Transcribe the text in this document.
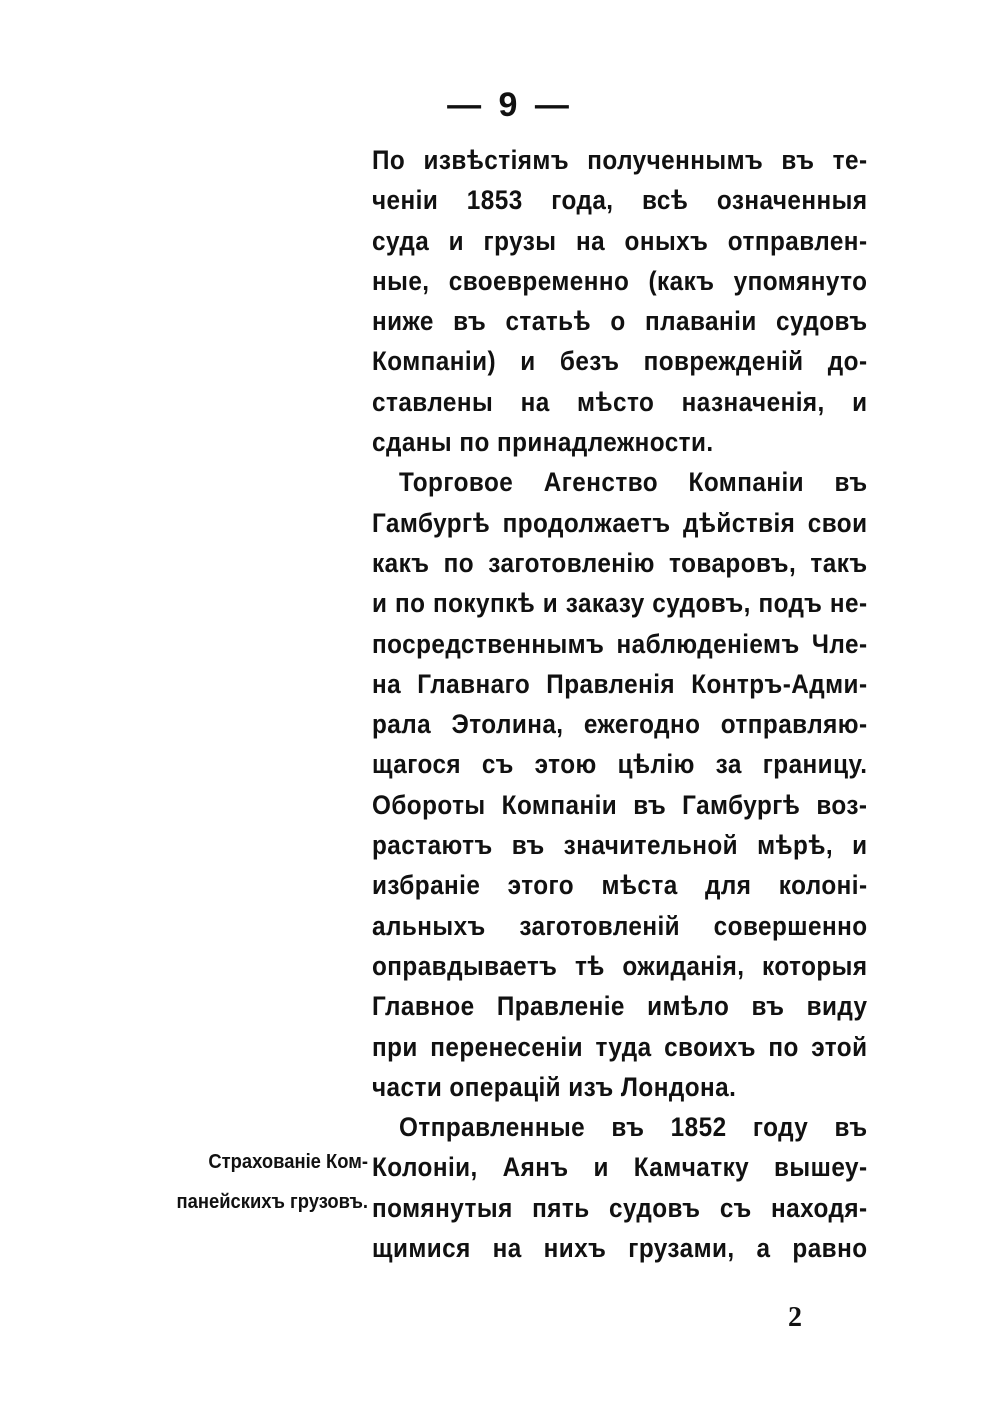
— 9 —
По извѣстіямъ полученнымъ въ те-
ченіи 1853 года, всѣ означенныя
суда и грузы на оныхъ отправлен-
ные, своевременно (какъ упомянуто
ниже въ статьѣ о плаваніи судовъ
Компаніи) и безъ поврежденій до-
ставлены на мѣсто назначенія, и
сданы по принадлежности.
Торговое Агенство Компаніи въ
Гамбургѣ продолжаетъ дѣйствія свои
какъ по заготовленію товаровъ, такъ
и по покупкѣ и заказу судовъ, подъ не-
посредственнымъ наблюденіемъ Чле-
на Главнаго Правленія Контръ-Адми-
рала Этолина, ежегодно отправляю-
щагося съ этою цѣлію за границу.
Обороты Компаніи въ Гамбургѣ воз-
растаютъ въ значительной мѣрѣ, и
избраніе этого мѣста для колоні-
альныхъ заготовленій совершенно
оправдываетъ тѣ ожиданія, которыя
Главное Правленіе имѣло въ виду
при перенесеніи туда своихъ по этой
части операцій изъ Лондона.
Отправленные въ 1852 году въ
Колоніи, Аянъ и Камчатку вышеу-
помянутыя пять судовъ съ находя-
щимися на нихъ грузами, а равно
Страхованіе Ком-
панейскихъ грузовъ.
2
